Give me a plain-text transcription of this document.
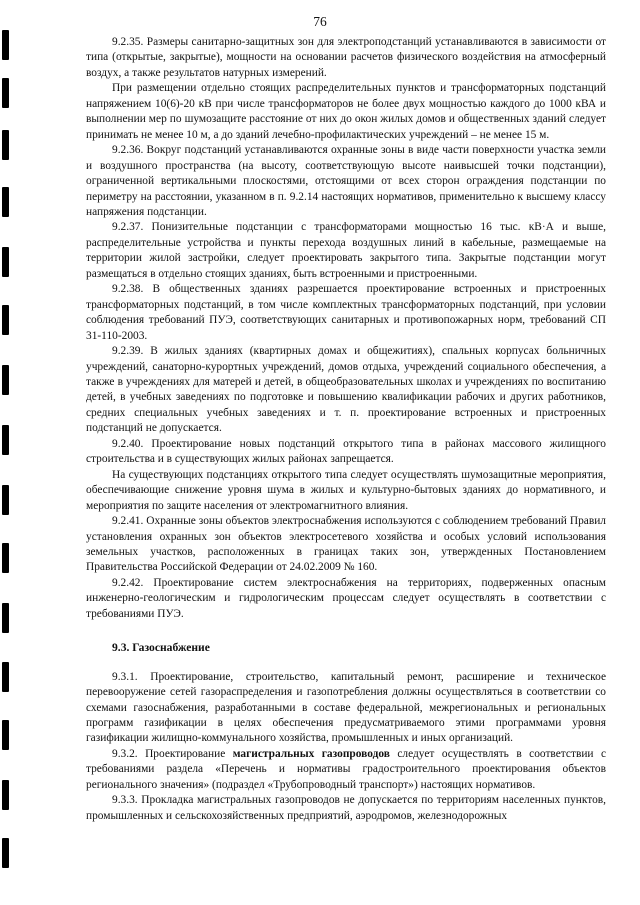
76

9.2.35. Размеры санитарно-защитных зон для электроподстанций устанавливаются в зависимости от типа (открытые, закрытые), мощности на основании расчетов физического воздействия на атмосферный воздух, а также результатов натурных измерений.

При размещении отдельно стоящих распределительных пунктов и трансформаторных подстанций напряжением 10(6)-20 кВ при числе трансформаторов не более двух мощностью каждого до 1000 кВА и выполнении мер по шумозащите расстояние от них до окон жилых домов и общественных зданий следует принимать не менее 10 м, а до зданий лечебно-профилактических учреждений – не менее 15 м.

9.2.36. Вокруг подстанций устанавливаются охранные зоны в виде части поверхности участка земли и воздушного пространства (на высоту, соответствующую высоте наивысшей точки подстанции), ограниченной вертикальными плоскостями, отстоящими от всех сторон ограждения подстанции по периметру на расстоянии, указанном в п. 9.2.14 настоящих нормативов, применительно к высшему классу напряжения подстанции.

9.2.37. Понизительные подстанции с трансформаторами мощностью 16 тыс. кВ·А и выше, распределительные устройства и пункты перехода воздушных линий в кабельные, размещаемые на территории жилой застройки, следует проектировать закрытого типа. Закрытые подстанции могут размещаться в отдельно стоящих зданиях, быть встроенными и пристроенными.

9.2.38. В общественных зданиях разрешается проектирование встроенных и пристроенных трансформаторных подстанций, в том числе комплектных трансформаторных подстанций, при условии соблюдения требований ПУЭ, соответствующих санитарных и противопожарных норм, требований СП 31-110-2003.

9.2.39. В жилых зданиях (квартирных домах и общежитиях), спальных корпусах больничных учреждений, санаторно-курортных учреждений, домов отдыха, учреждений социального обеспечения, а также в учреждениях для матерей и детей, в общеобразовательных школах и учреждениях по воспитанию детей, в учебных заведениях по подготовке и повышению квалификации рабочих и других работников, средних специальных учебных заведениях и т. п. проектирование встроенных и пристроенных подстанций не допускается.

9.2.40. Проектирование новых подстанций открытого типа в районах массового жилищного строительства и в существующих жилых районах запрещается.

На существующих подстанциях открытого типа следует осуществлять шумозащитные мероприятия, обеспечивающие снижение уровня шума в жилых и культурно-бытовых зданиях до нормативного, и мероприятия по защите населения от электромагнитного влияния.

9.2.41. Охранные зоны объектов электроснабжения используются с соблюдением требований Правил установления охранных зон объектов электросетевого хозяйства и особых условий использования земельных участков, расположенных в границах таких зон, утвержденных Постановлением Правительства Российской Федерации от 24.02.2009 № 160.

9.2.42. Проектирование систем электроснабжения на территориях, подверженных опасным инженерно-геологическим и гидрологическим процессам следует осуществлять в соответствии с требованиями ПУЭ.

9.3. Газоснабжение

9.3.1. Проектирование, строительство, капитальный ремонт, расширение и техническое перевооружение сетей газораспределения и газопотребления должны осуществляться в соответствии со схемами газоснабжения, разработанными в составе федеральной, межрегиональных и региональных программ газификации в целях обеспечения предусматриваемого этими программами уровня газификации жилищно-коммунального хозяйства, промышленных и иных организаций.

9.3.2. Проектирование магистральных газопроводов следует осуществлять в соответствии с требованиями раздела «Перечень и нормативы градостроительного проектирования объектов регионального значения» (подраздел «Трубопроводный транспорт») настоящих нормативов.

9.3.3. Прокладка магистральных газопроводов не допускается по территориям населенных пунктов, промышленных и сельскохозяйственных предприятий, аэродромов, железнодорожных
